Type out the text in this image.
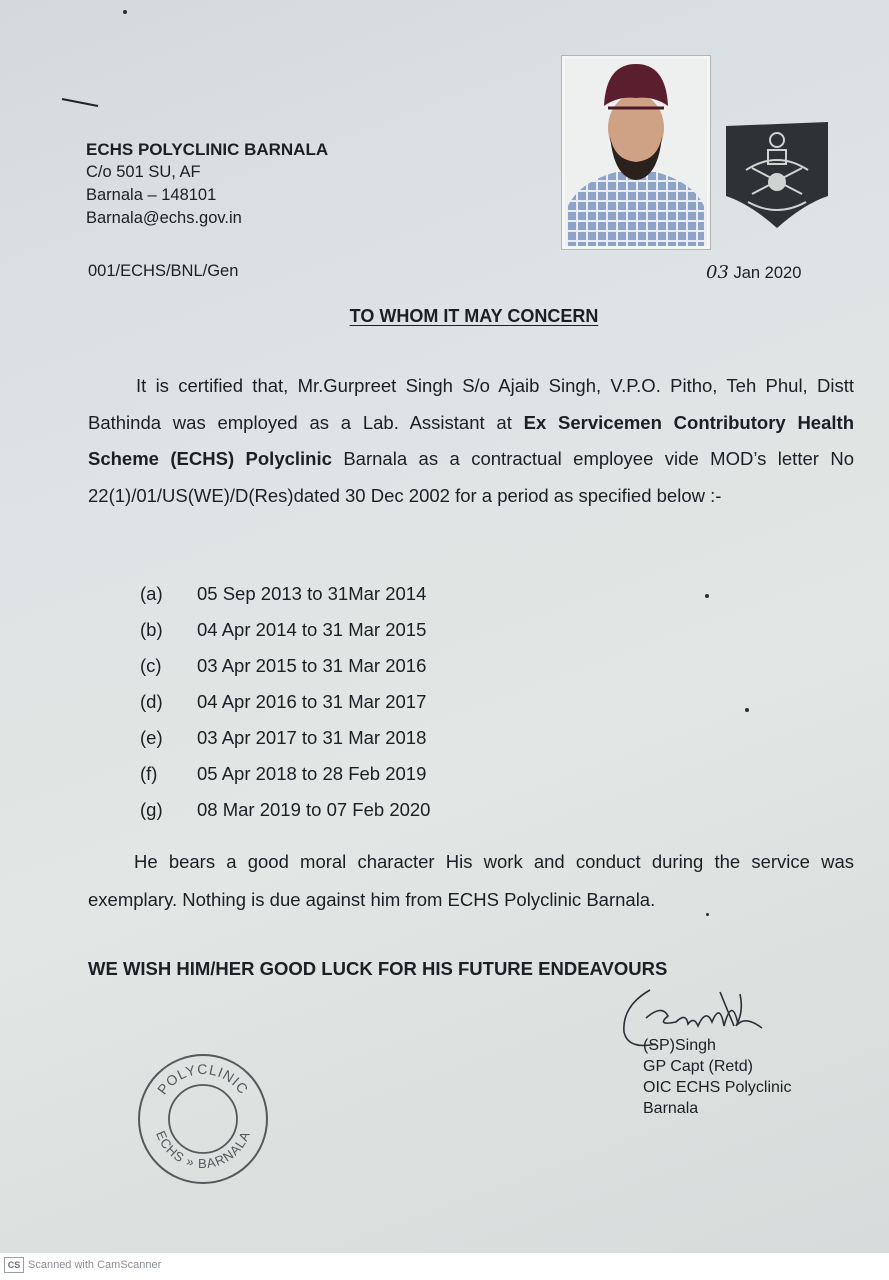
ECHS POLYCLINIC BARNALA
C/o 501 SU, AF
Barnala – 148101
Barnala@echs.gov.in
001/ECHS/BNL/Gen	03 Jan 2020
TO WHOM IT MAY CONCERN
It is certified that, Mr.Gurpreet Singh S/o Ajaib Singh, V.P.O. Pitho, Teh Phul, Distt Bathinda was employed as a Lab. Assistant at Ex Servicemen Contributory Health Scheme (ECHS) Polyclinic Barnala as a contractual employee vide MOD’s letter No 22(1)/01/US(WE)/D(Res)dated 30 Dec 2002 for a period as specified below :-
(a)	05 Sep 2013 to 31Mar 2014
(b)	04 Apr 2014 to 31 Mar 2015
(c)	03 Apr 2015 to 31 Mar 2016
(d)	04 Apr 2016 to 31 Mar 2017
(e)	03 Apr 2017 to 31 Mar 2018
(f)	05 Apr 2018 to 28 Feb 2019
(g)	08 Mar 2019 to 07 Feb 2020
He bears a good moral character His work and conduct during the service was exemplary. Nothing is due against him from ECHS Polyclinic Barnala.
WE WISH HIM/HER GOOD LUCK FOR HIS FUTURE ENDEAVOURS
(SP)Singh
GP Capt (Retd)
OIC ECHS Polyclinic
Barnala
POLYCLINIC
ECHS » BARNALA
CS Scanned with CamScanner
